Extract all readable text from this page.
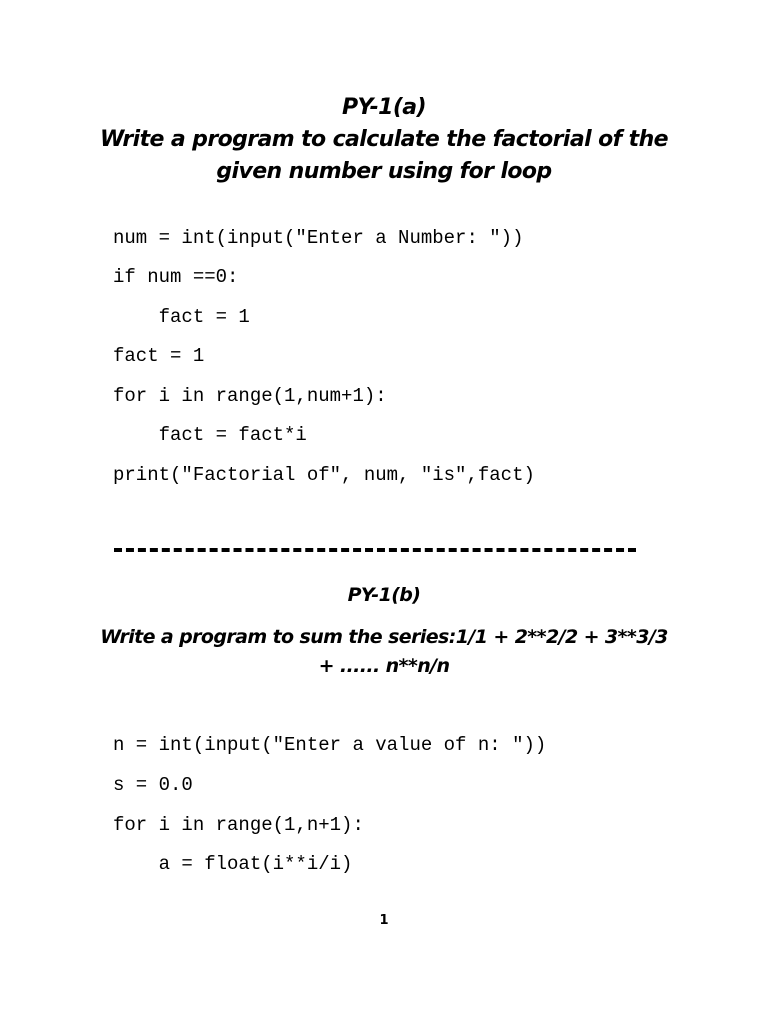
PY-1(a)
Write a program to calculate the factorial of the
given number using for loop
num = int(input("Enter a Number: "))
if num ==0:
fact = 1
fact = 1
for i in range(1,num+1):
fact = fact*i
print("Factorial of", num, "is",fact)
PY-1(b)
Write a program to sum the series:1/1 + 2**2/2 + 3**3/3
+ ...... n**n/n
n = int(input("Enter a value of n: "))
s = 0.0
for i in range(1,n+1):
a = float(i**i/i)
1
